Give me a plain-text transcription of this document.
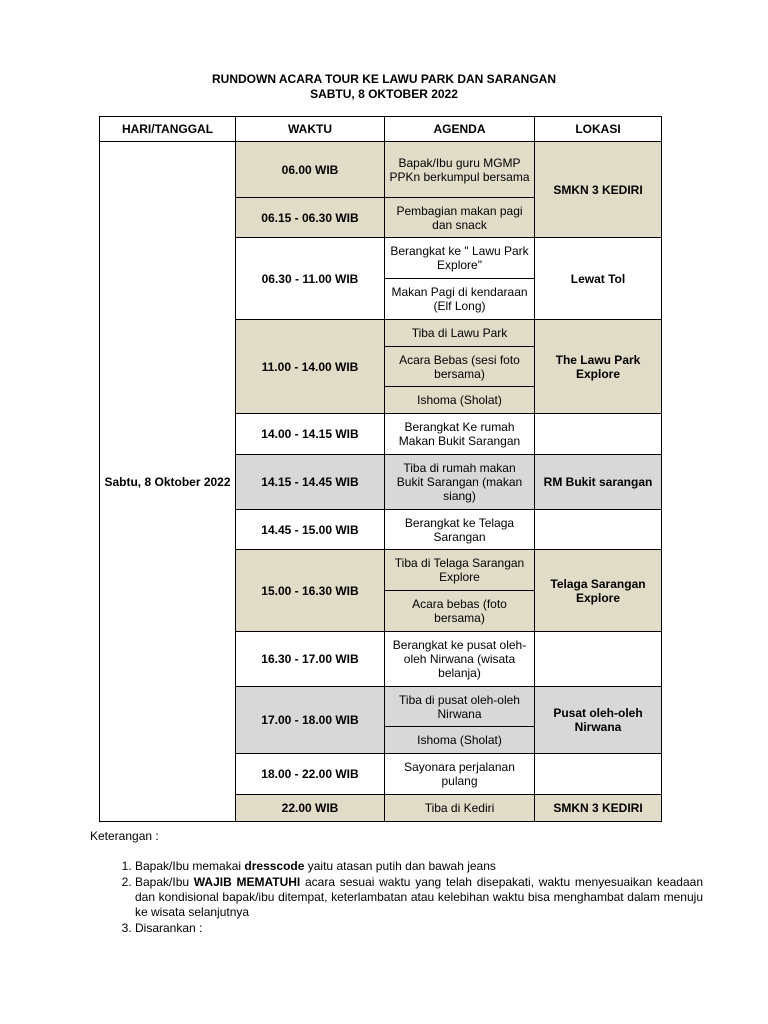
RUNDOWN ACARA TOUR KE LAWU PARK DAN SARANGAN
SABTU, 8 OKTOBER 2022
HARI/TANGGAL	WAKTU	AGENDA	LOKASI
Sabtu, 8 Oktober 2022	06.00 WIB	Bapak/Ibu guru MGMP PPKn berkumpul bersama	SMKN 3 KEDIRI
	06.15 - 06.30 WIB	Pembagian makan pagi dan snack	
	06.30 - 11.00 WIB	Berangkat ke " Lawu Park Explore"	Lewat Tol
		Makan Pagi di kendaraan (Elf Long)	
	11.00 - 14.00 WIB	Tiba di Lawu Park	The Lawu Park Explore
		Acara Bebas (sesi foto bersama)	
		Ishoma (Sholat)	
	14.00 - 14.15 WIB	Berangkat Ke rumah Makan Bukit Sarangan	
	14.15 - 14.45 WIB	Tiba di rumah makan Bukit Sarangan (makan siang)	RM Bukit sarangan
	14.45 - 15.00 WIB	Berangkat ke Telaga Sarangan	
	15.00 - 16.30 WIB	Tiba di Telaga Sarangan Explore	Telaga Sarangan Explore
		Acara bebas (foto bersama)	
	16.30 - 17.00 WIB	Berangkat ke pusat oleh-oleh Nirwana (wisata belanja)	
	17.00 - 18.00 WIB	Tiba di pusat oleh-oleh Nirwana	Pusat oleh-oleh Nirwana
		Ishoma (Sholat)	
	18.00 - 22.00 WIB	Sayonara perjalanan pulang	
	22.00 WIB	Tiba di Kediri	SMKN 3 KEDIRI
Keterangan :
1. Bapak/Ibu memakai dresscode yaitu atasan putih dan bawah jeans
2. Bapak/Ibu WAJIB MEMATUHI acara sesuai waktu yang telah disepakati, waktu menyesuaikan keadaan dan kondisional bapak/ibu ditempat, keterlambatan atau kelebihan waktu bisa menghambat dalam menuju ke wisata selanjutnya
3. Disarankan :
